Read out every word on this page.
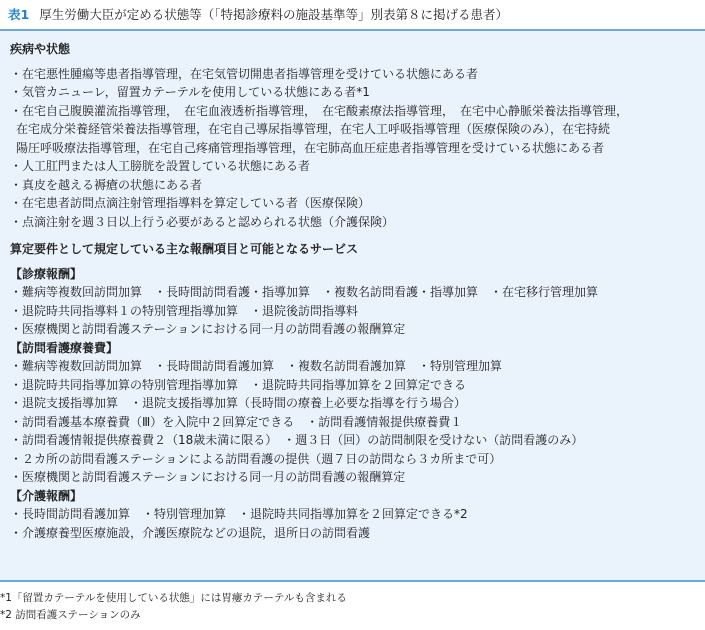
表1 厚生労働大臣が定める状態等（「特掲診療料の施設基準等」別表第８に掲げる患者）

疾病や状態

・在宅悪性腫瘍等患者指導管理，在宅気管切開患者指導管理を受けている状態にある者

・気管カニューレ，留置カテーテルを使用している状態にある者*1

・在宅自己腹膜灌流指導管理，　在宅血液透析指導管理，　在宅酸素療法指導管理，　在宅中心静脈栄養法指導管理，

在宅成分栄養経管栄養法指導管理，在宅自己導尿指導管理，在宅人工呼吸指導管理（医療保険のみ），在宅持続

陽圧呼吸療法指導管理，在宅自己疼痛管理指導管理，在宅肺高血圧症患者指導管理を受けている状態にある者

・人工肛門または人工膀胱を設置している状態にある者

・真皮を越える褥瘡の状態にある者

・在宅患者訪問点滴注射管理指導料を算定している者（医療保険）

・点滴注射を週３日以上行う必要があると認められる状態（介護保険）

算定要件として規定している主な報酬項目と可能となるサービス

【診療報酬】

・難病等複数回訪問加算　・長時間訪問看護・指導加算　・複数名訪問看護・指導加算　・在宅移行管理加算

・退院時共同指導料１の特別管理指導加算　・退院後訪問指導料

・医療機関と訪問看護ステーションにおける同一月の訪問看護の報酬算定

【訪問看護療養費】

・難病等複数回訪問加算　・長時間訪問看護加算　・複数名訪問看護加算　・特別管理加算

・退院時共同指導加算の特別管理指導加算　・退院時共同指導加算を２回算定できる

・退院支援指導加算　・退院支援指導加算（長時間の療養上必要な指導を行う場合）

・訪問看護基本療養費（Ⅲ）を入院中２回算定できる　・訪問看護情報提供療養費１

・訪問看護情報提供療養費２（18歳未満に限る）　・週３日（回）の訪問制限を受けない（訪問看護のみ）

・２カ所の訪問看護ステーションによる訪問看護の提供（週７日の訪問なら３カ所まで可）

・医療機関と訪問看護ステーションにおける同一月の訪問看護の報酬算定

【介護報酬】

・長時間訪問看護加算　・特別管理加算　・退院時共同指導加算を２回算定できる*2

・介護療養型医療施設，介護医療院などの退院，退所日の訪問看護

*1「留置カテーテルを使用している状態」には胃瘻カテーテルも含まれる

*2 訪問看護ステーションのみ
